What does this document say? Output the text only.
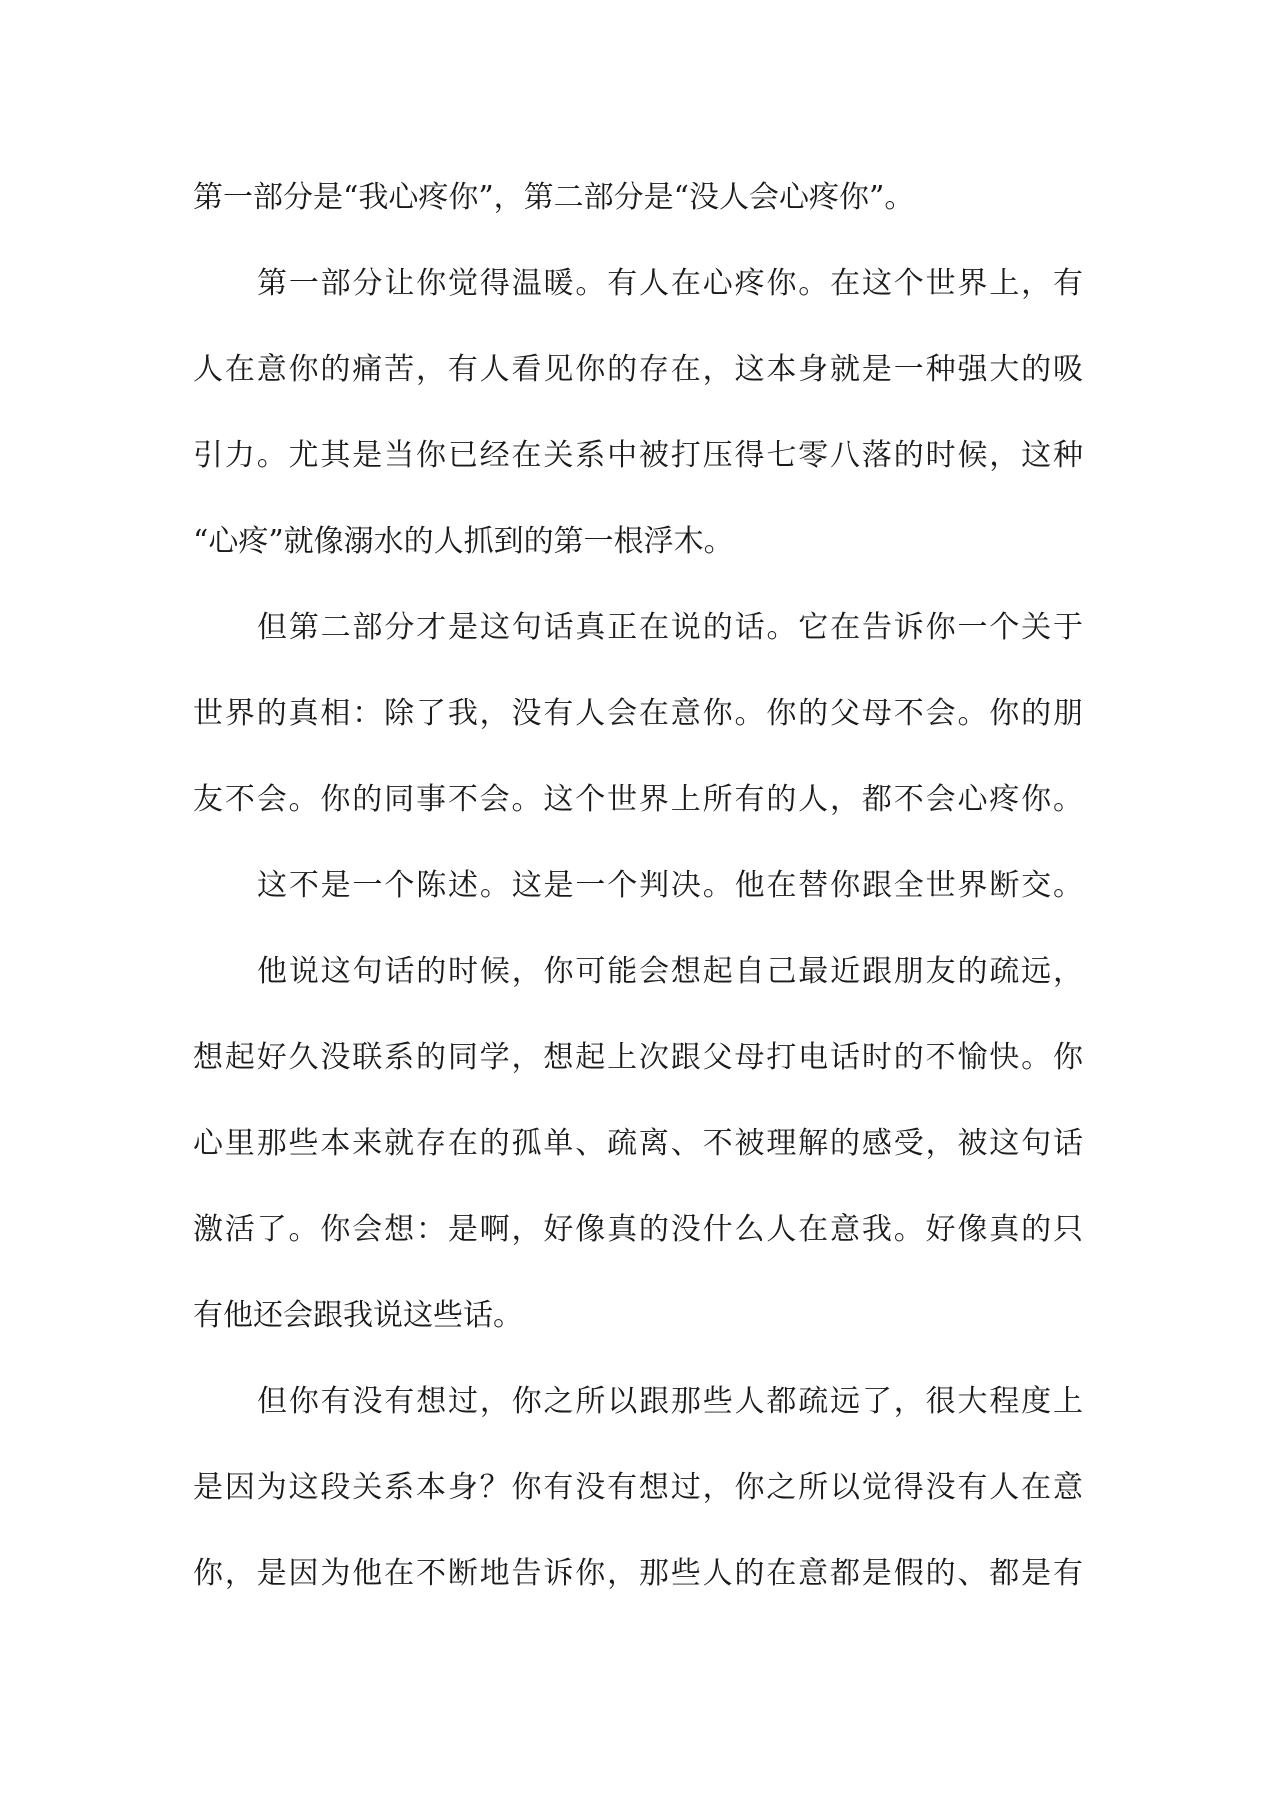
第一部分是“我心疼你”，第二部分是“没人会心疼你”。

第一部分让你觉得温暖。有人在心疼你。在这个世界上，有

人在意你的痛苦，有人看见你的存在，这本身就是一种强大的吸

引力。尤其是当你已经在关系中被打压得七零八落的时候，这种

“心疼”就像溺水的人抓到的第一根浮木。

但第二部分才是这句话真正在说的话。它在告诉你一个关于

世界的真相：除了我，没有人会在意你。你的父母不会。你的朋

友不会。你的同事不会。这个世界上所有的人，都不会心疼你。

这不是一个陈述。这是一个判决。他在替你跟全世界断交。

他说这句话的时候，你可能会想起自己最近跟朋友的疏远，

想起好久没联系的同学，想起上次跟父母打电话时的不愉快。你

心里那些本来就存在的孤单、疏离、不被理解的感受，被这句话

激活了。你会想：是啊，好像真的没什么人在意我。好像真的只

有他还会跟我说这些话。

但你有没有想过，你之所以跟那些人都疏远了，很大程度上

是因为这段关系本身？你有没有想过，你之所以觉得没有人在意

你，是因为他在不断地告诉你，那些人的在意都是假的、都是有
